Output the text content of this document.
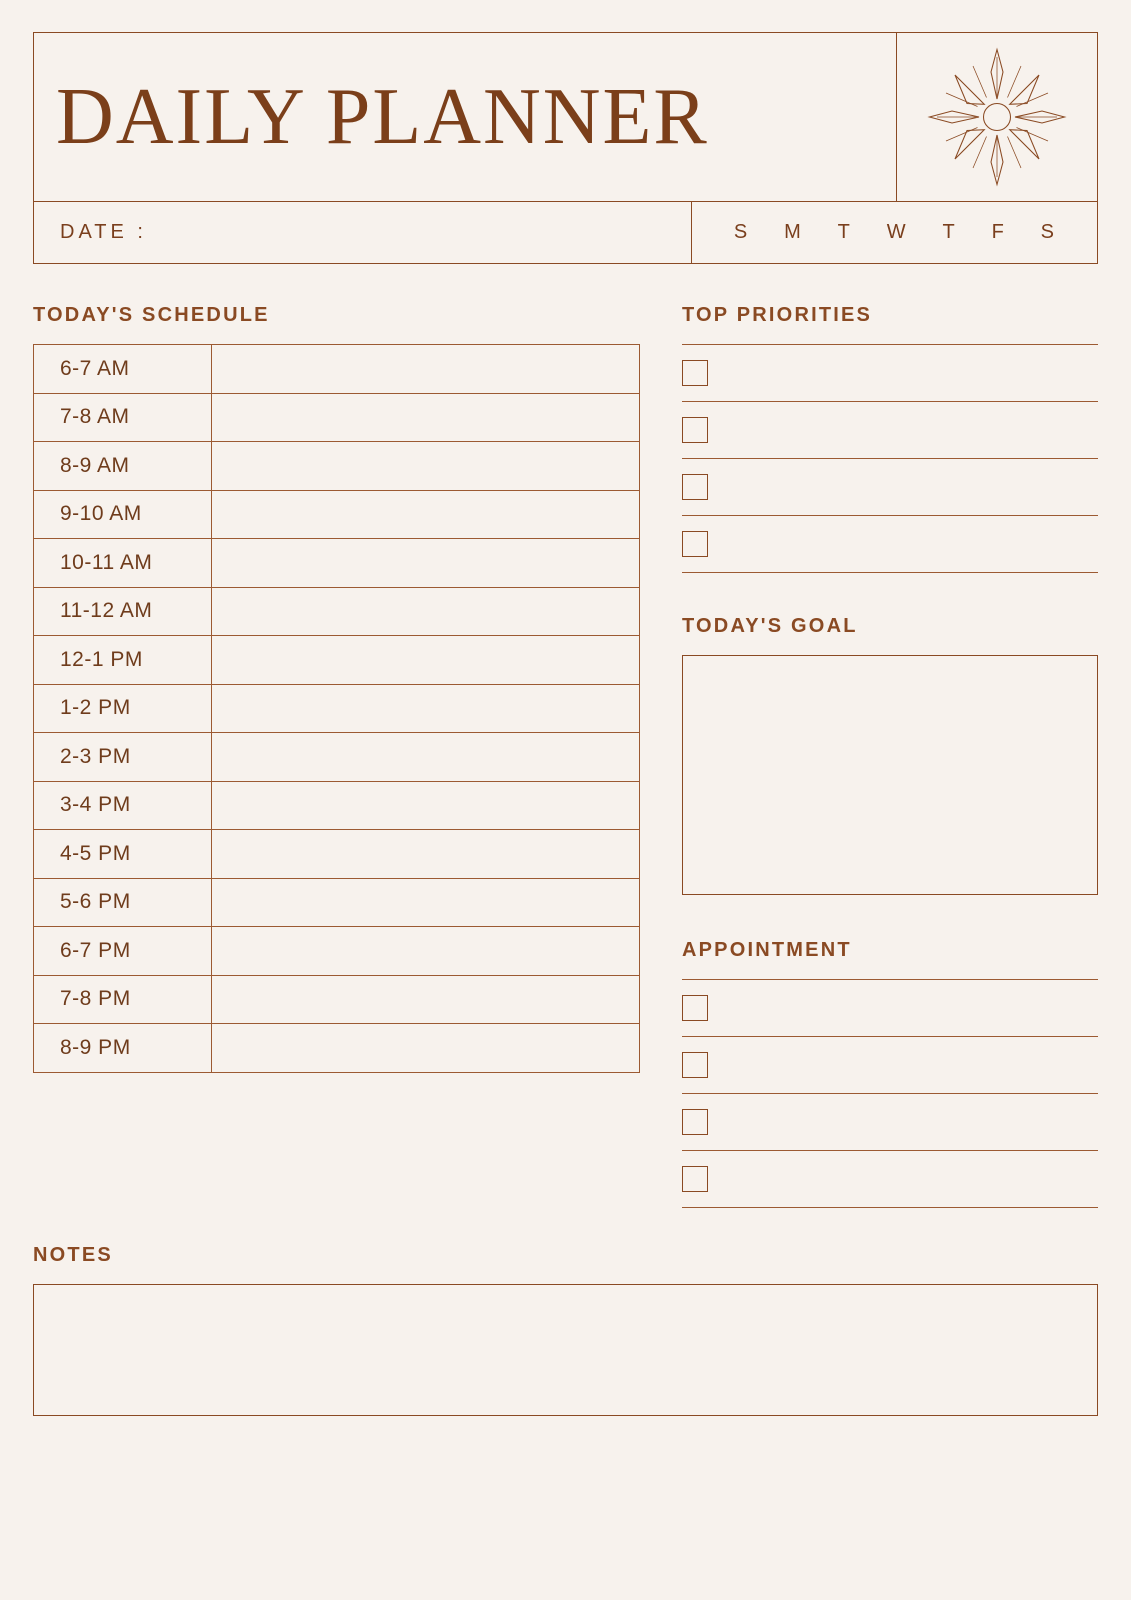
DAILY PLANNER
DATE :	S M T W T F S
TODAY'S SCHEDULE
6-7 AM	
7-8 AM	
8-9 AM	
9-10 AM	
10-11 AM	
11-12 AM	
12-1 PM	
1-2 PM	
2-3 PM	
3-4 PM	
4-5 PM	
5-6 PM	
6-7 PM	
7-8 PM	
8-9 PM	
TOP PRIORITIES
TODAY'S GOAL
APPOINTMENT
NOTES
